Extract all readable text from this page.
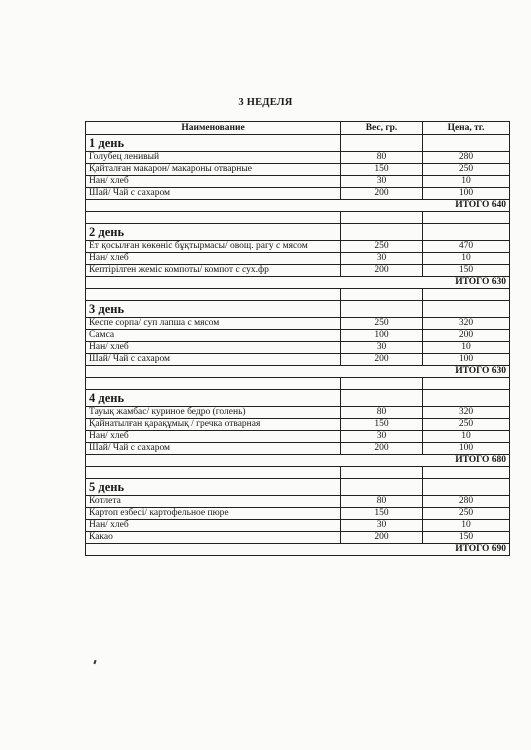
3 НЕДЕЛЯ
Наименование	Вес, гр.	Цена, тг.
1 день		
Голубец ленивый	80	280
Қайталған макарон/ макароны отварные	150	250
Нан/ хлеб	30	10
Шай/ Чай с сахаром	200	100
ИТОГО 640		

2 день		
Ет қосылған көкөніс бұқтырмасы/ овощ. рагу с мясом	250	470
Нан/ хлеб	30	10
Кептірілген жеміс компоты/ компот с сух.фр	200	150
ИТОГО 630		

3 день		
Кеспе сорпа/ суп лапша с мясом	250	320
Самса	100	200
Нан/ хлеб	30	10
Шай/ Чай с сахаром	200	100
ИТОГО 630		

4 день		
Тауық жамбас/ куриное бедро (голень)	80	320
Қайнатылған қарақұмық / гречка отварная	150	250
Нан/ хлеб	30	10
Шай/ Чай с сахаром	200	100
ИТОГО 680		

5 день		
Котлета	80	280
Картоп езбесі/ картофельное пюре	150	250
Нан/ хлеб	30	10
Какао	200	150
ИТОГО 690		
